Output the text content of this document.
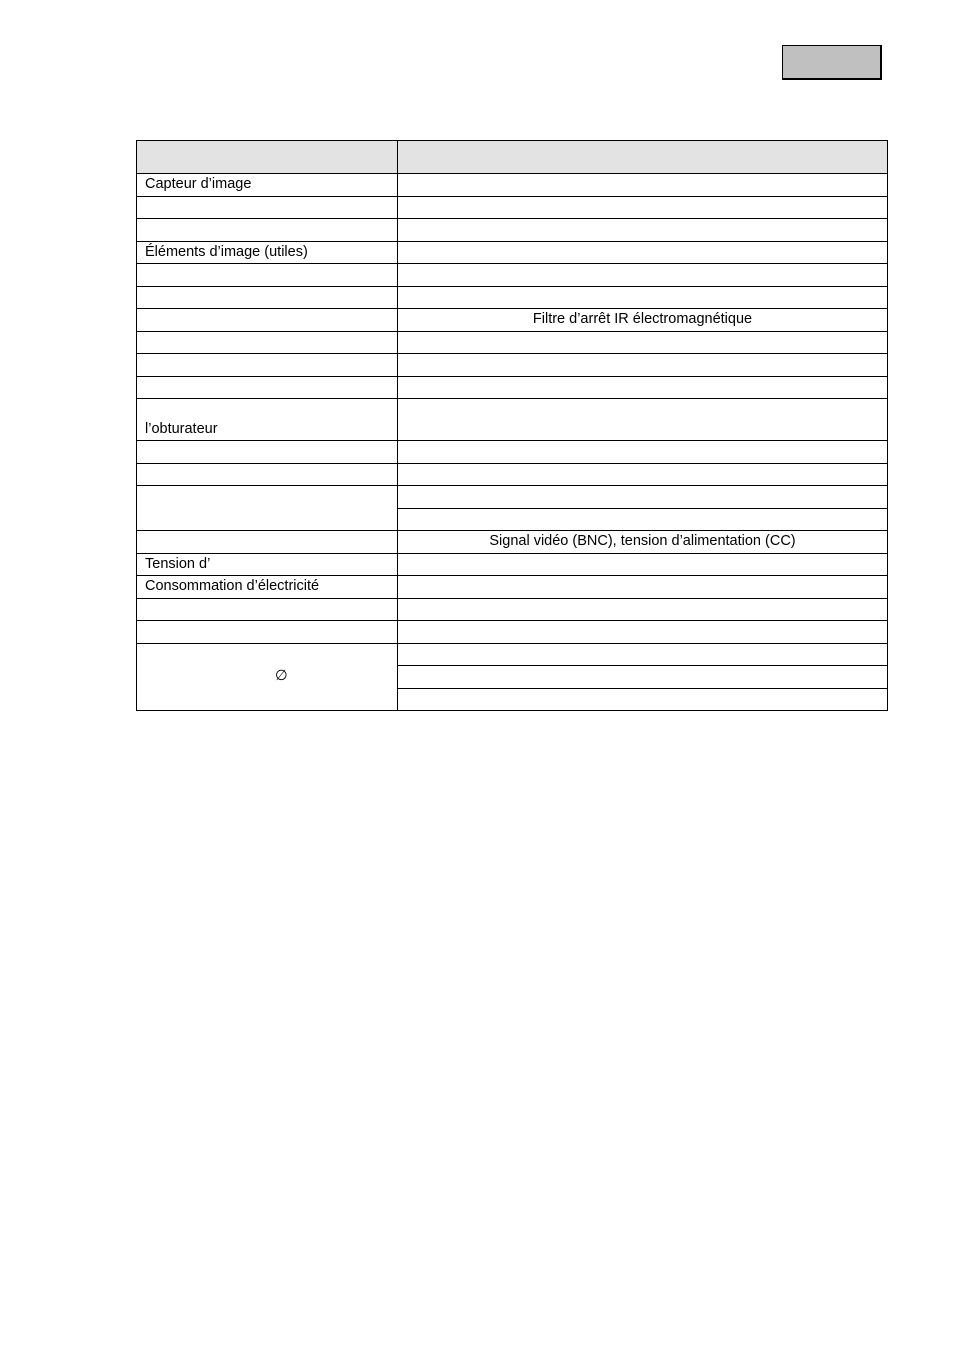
Capteur d’image	

Éléments d’image (utiles)	

	Filtre d’arrêt IR électromagnétique

l’obturateur	

	Signal vidéo (BNC), tension d’alimentation (CC)
Tension d’	
Consommation d’électricité	

∅	
